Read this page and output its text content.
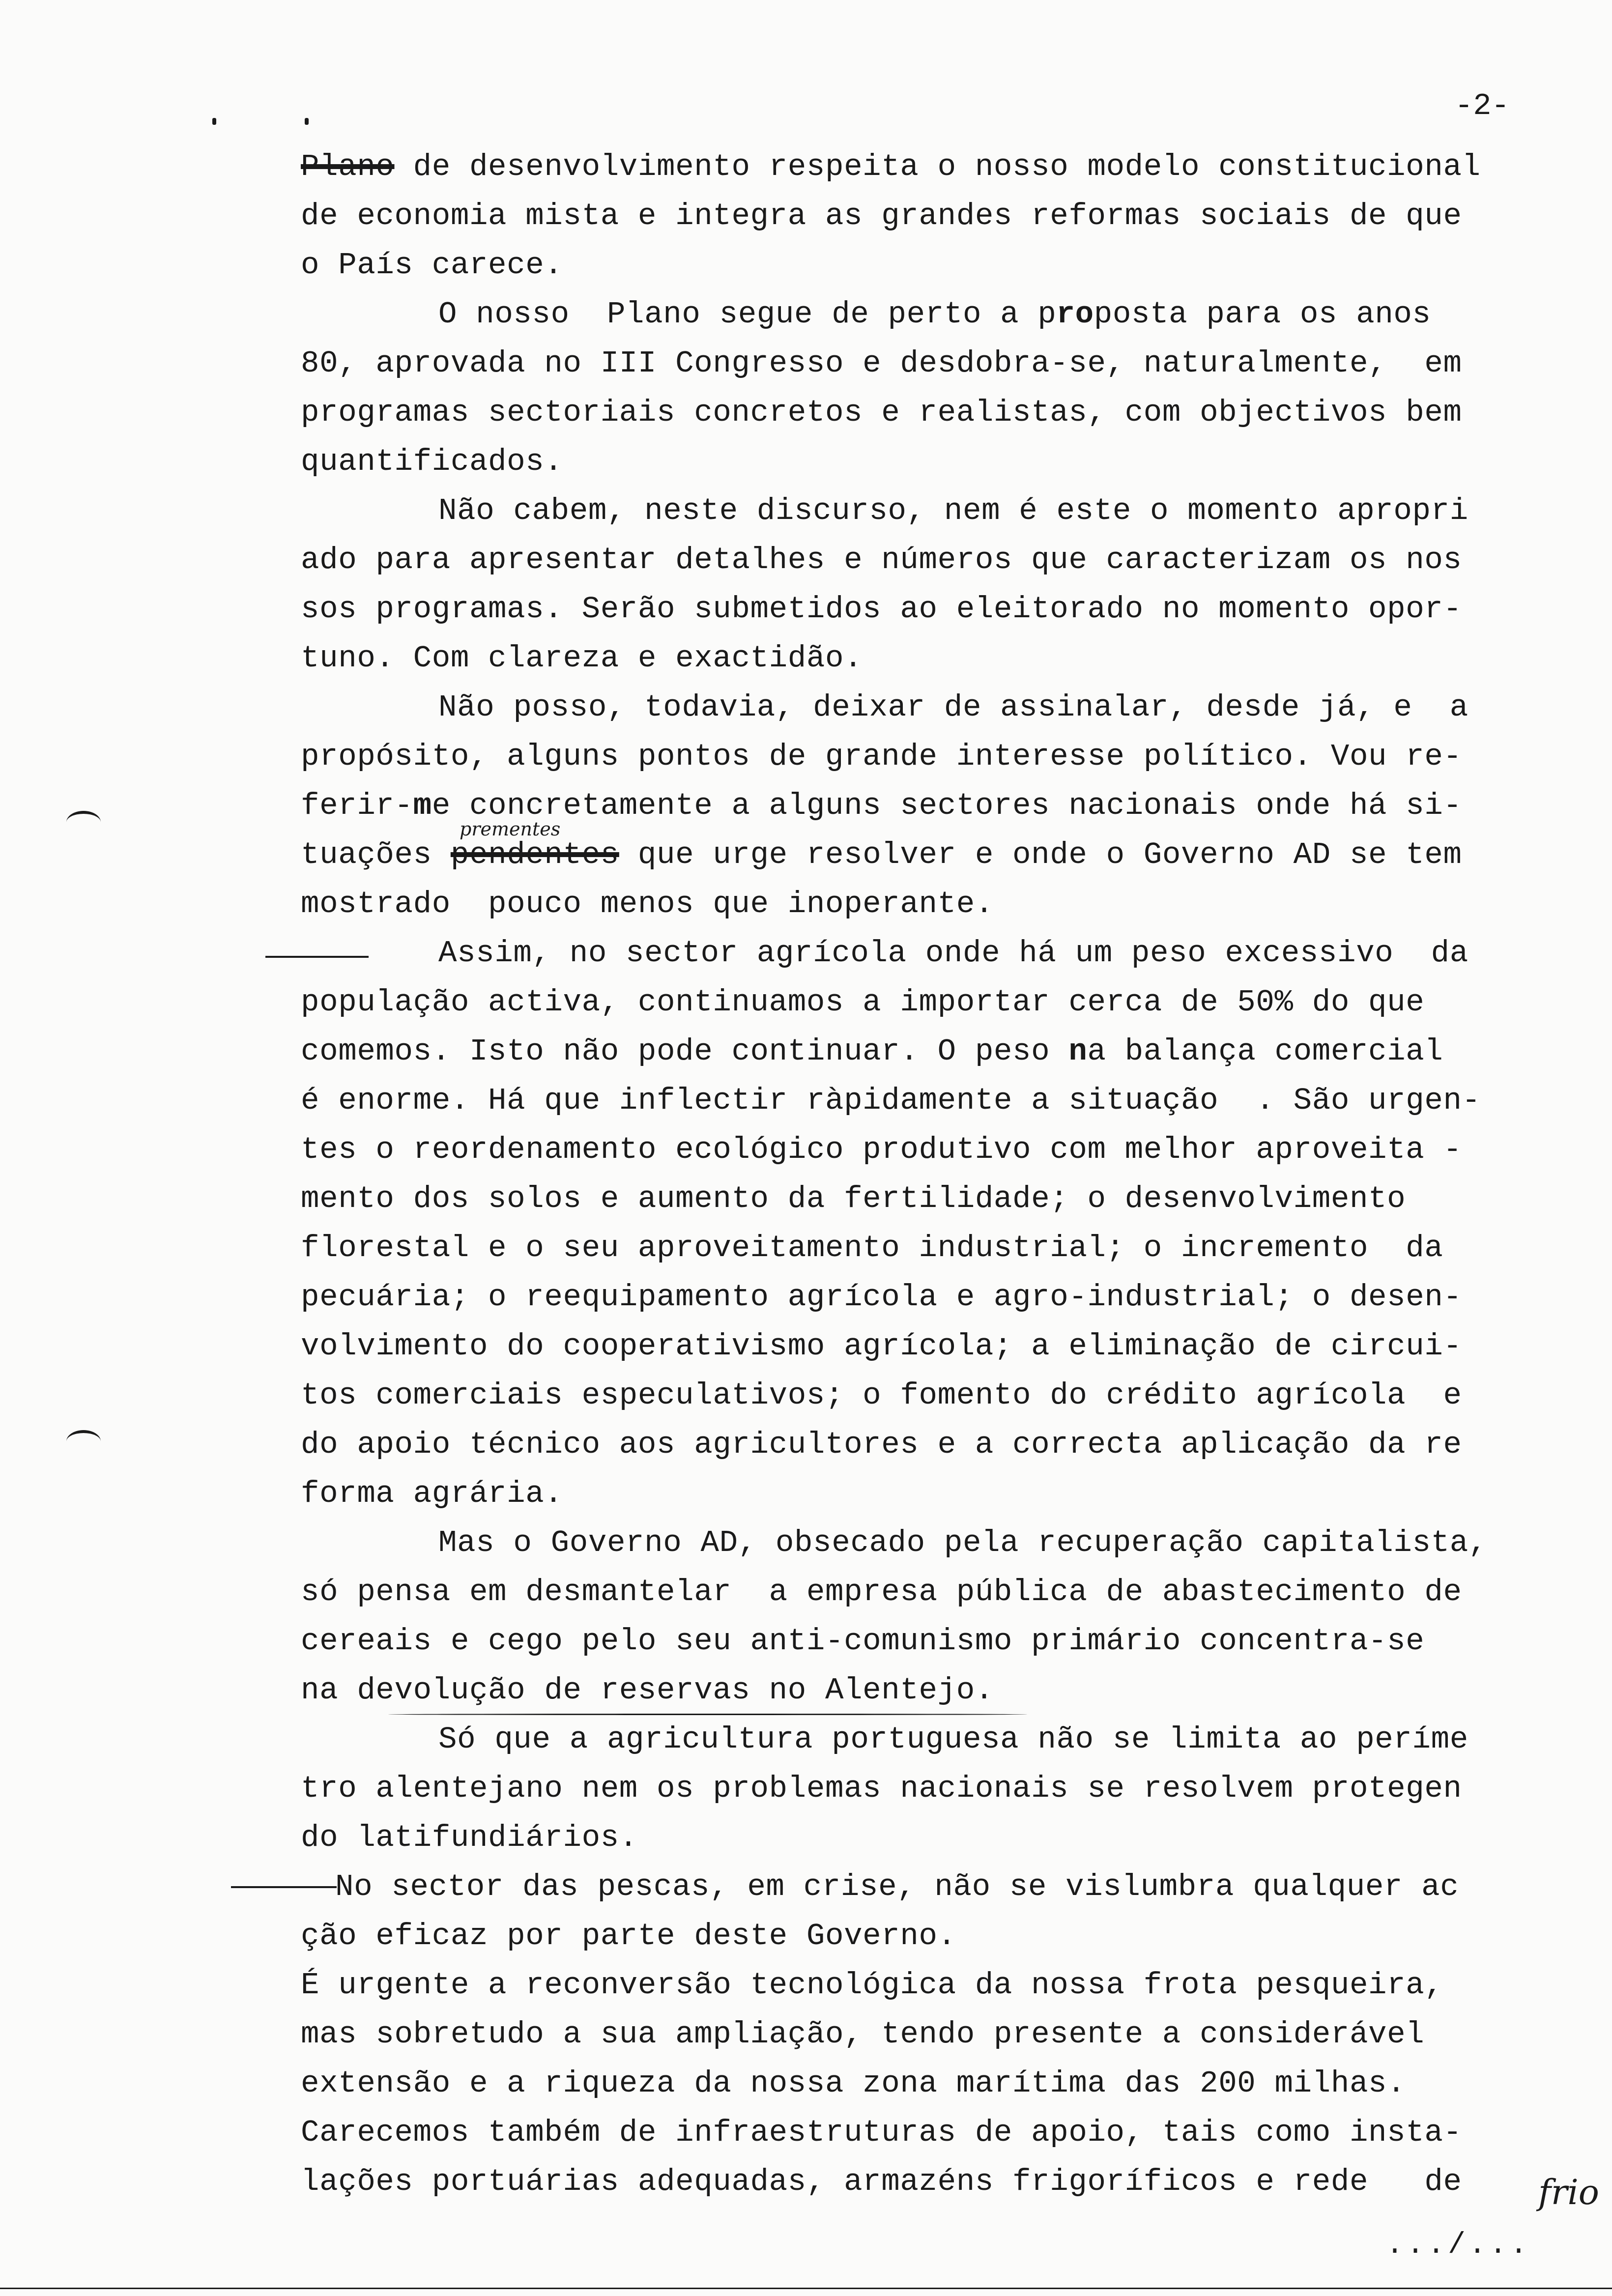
-2-
prementes
Plano de desenvolvimento respeita o nosso modelo constitucional
de economia mista e integra as grandes reformas sociais de que
o País carece.
O nosso  Plano segue de perto a proposta para os anos
80, aprovada no III Congresso e desdobra-se, naturalmente,  em
programas sectoriais concretos e realistas, com objectivos bem
quantificados.
Não cabem, neste discurso, nem é este o momento apropri
ado para apresentar detalhes e números que caracterizam os nos
sos programas. Serão submetidos ao eleitorado no momento opor-
tuno. Com clareza e exactidão.
Não posso, todavia, deixar de assinalar, desde já, e  a
propósito, alguns pontos de grande interesse político. Vou re-
ferir-me concretamente a alguns sectores nacionais onde há si-
tuações pendentes que urge resolver e onde o Governo AD se tem
mostrado  pouco menos que inoperante.
Assim, no sector agrícola onde há um peso excessivo  da
população activa, continuamos a importar cerca de 50% do que
comemos. Isto não pode continuar. O peso na balança comercial
é enorme. Há que inflectir ràpidamente a situação  . São urgen-
tes o reordenamento ecológico produtivo com melhor aproveita -
mento dos solos e aumento da fertilidade; o desenvolvimento
florestal e o seu aproveitamento industrial; o incremento  da
pecuária; o reequipamento agrícola e agro-industrial; o desen-
volvimento do cooperativismo agrícola; a eliminação de circui-
tos comerciais especulativos; o fomento do crédito agrícola  e
do apoio técnico aos agricultores e a correcta aplicação da re
forma agrária.
Mas o Governo AD, obsecado pela recuperação capitalista,
só pensa em desmantelar  a empresa pública de abastecimento de
cereais e cego pelo seu anti-comunismo primário concentra-se
na devolução de reservas no Alentejo.
Só que a agricultura portuguesa não se limita ao períme
tro alentejano nem os problemas nacionais se resolvem protegen
do latifundiários.
No sector das pescas, em crise, não se vislumbra qualquer ac
ção eficaz por parte deste Governo.
É urgente a reconversão tecnológica da nossa frota pesqueira,
mas sobretudo a sua ampliação, tendo presente a considerável
extensão e a riqueza da nossa zona marítima das 200 milhas.
Carecemos também de infraestruturas de apoio, tais como insta-
lações portuárias adequadas, armazéns frigoríficos e rede   de	frio
.../...
